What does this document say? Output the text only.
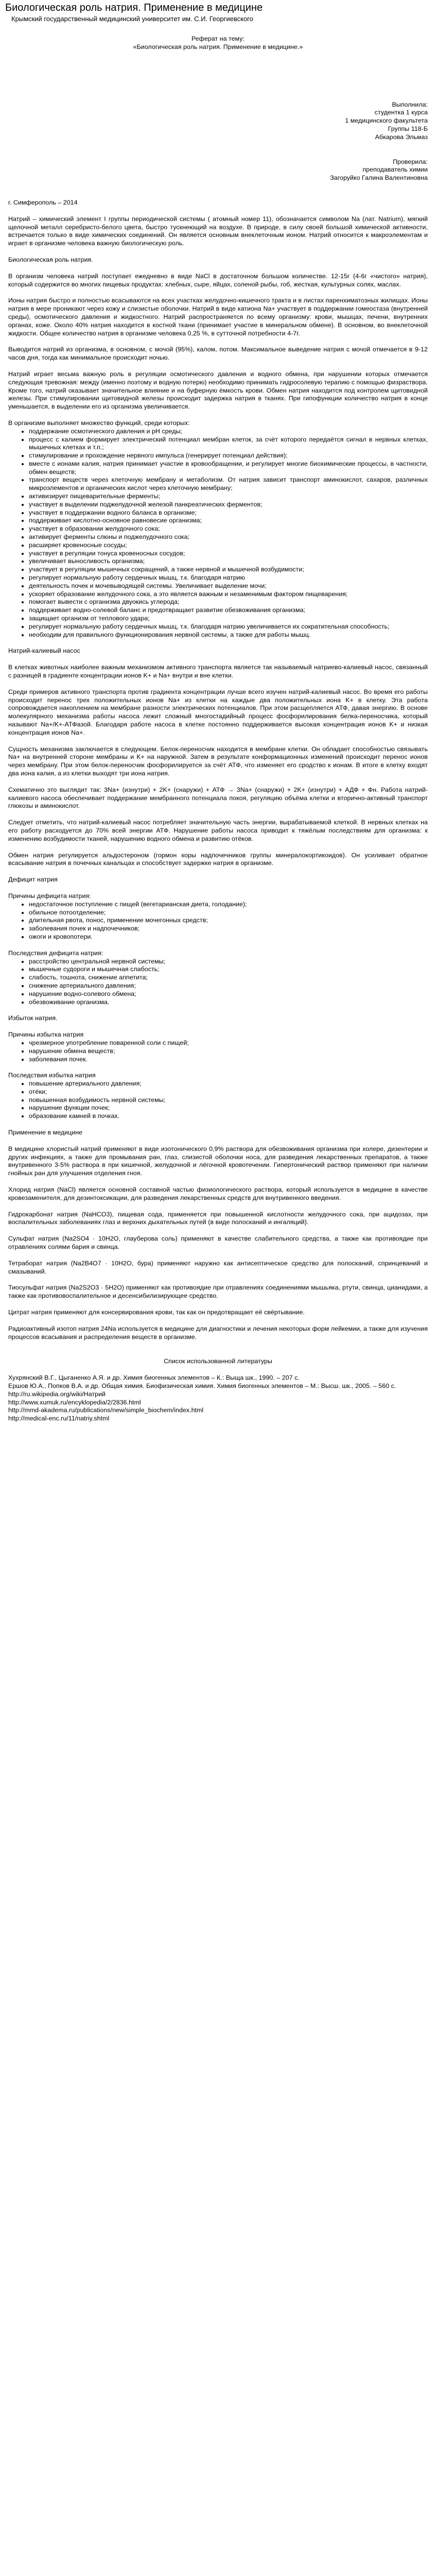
Биологическая роль натрия. Применение в медицине
Крымский государственный медицинский университет им. С.И. Георгиевского
Реферат на тему:
«Биологическая роль натрия. Применение в медицине.»
Выполнила:
студентка 1 курса
1 медицинского факультета
Группы 118-Б
Абкарова Эльмаз
Проверила:
преподаватель химии
Загоруйко Галина Валентиновна
г. Симферополь – 2014

Натрий – химический элемент I группы периодической системы ( атомный номер 11), обозначается символом Na (лат. Natrium), мягкий щелочной металл серебристо-белого цвета, быстро тускнеющий на воздухе. В природе, в силу своей большой химической активности, встречается только в виде химических соединений. Он является основным внеклеточным ионом. Натрий относится к макроэлементам и играет в организме человека важную биологическую роль.

Биологическая роль натрия.

В организм человека натрий поступает ежедневно в виде NaCl в достаточном большом количестве. 12-15г (4-6г «чистого» натрия), который содержится во многих пищевых продуктах: хлебных, сыре, яйцах, соленой рыбы, гоб, жесткая, культурных солях, маслах.

Ионы натрия быстро и полностью всасываются на всех участках желудочно-кишечного тракта и в листах паренхиматозных жилищах. Ионы натрия в мере проникают через кожу и слизистые оболочки. Натрий в виде катиона Na+ участвует в поддержании гомеостаза (внутренней среды), осмотического давления и жидкостного. Натрий распространяется по всему организму: крови, мышцах, печени, внутренних органах, коже. Около 40% натрия находится в костной ткани (принимает участие в минеральном обмене). В основном, во внеклеточной жидкости. Общее количество натрия в организме человека 0,25 %, в сутточной потребности 4-7г.

Выводится натрий из организма, в основном, с мочой (95%), калом, потом. Максимальное выведение натрия с мочой отмечается в 9-12 часов дня, тогда как минимальное происходит ночью.

Натрий играет весьма важную роль в регуляции осмотического давления и водного обмена, при нарушении которых отмечается следующая тревожная: между (именно поэтому и водную потерю) необходимо принимать гидросолевую терапию с помощью физраствора. Кроме того, натрий оказывает значительное влияние и на буферную ёмкость крови. Обмен натрия находится под контролем щитовидной железы. При стимулировании щитовидной железы происходит задержка натрия в тканях. При гипофункции количество натрия в конце уменьшается, в выделении его из организма увеличивается.

В организме выполняет множество функций, среди которых:

• поддержание осмотического давления и pH среды;
• процесс с калием формирует электрический потенциал мембран клеток, за счёт которого передаётся сигнал в нервных клетках, мышечных клетках и т.п.;
• стимулирование и прохождение нервного импульса (генерирует потенциал действия);
• вместе с ионами калия, натрия принимает участие в кровообращении, и регулирует многие биохимические процессы, в частности, обмен веществ;
• транспорт веществ через клеточную мембрану и метаболизм. От натрия зависит транспорт аминокислот, сахаров, различных микроэлементов и органических кислот через клеточную мембрану;
• активизирует пищеварительные ферменты;
• участвует в выделении поджелудочной железой панкреатических ферментов;
• участвует в поддержании водного баланса в организме;
• поддерживает кислотно-основное равновесие организма;
• участвует в образовании желудочного сока;
• активирует ферменты слюны и поджелудочного сока;
• расширяет кровеносные сосуды;
• участвует в регуляции тонуса кровеносных сосудов;
• увеличивает выносливость организма;
• участвует в регуляции мышечных сокращений, а также нервной и мышечной возбудимости;
• регулирует нормальную работу сердечных мышц, т.к. благодаря натрию
• деятельность почек и мочевыводящей системы. Увеличивает выделение мочи;
• ускоряет образование желудочного сока, а это является важным и незаменимым фактором пищеварения;
• помогает вывести с организма двуокись углерода;
• поддерживает водно-солевой баланс и предотвращает развитие обезвоживания организма;
• защищает организм от теплового удара;
• регулирует нормальную работу сердечных мышц, т.к. благодаря натрию увеличивается их сократительная способность;
• необходим для правильного функционирования нервной системы, а также для работы мышц.
Натрий-калиевый насос

В клетках животных наиболее важным механизмом активного транспорта является так называемый натриево-калиевый насос, связанный с разницей в градиенте концентрации ионов K+ и Na+ внутри и вне клетки.

Среди примеров активного транспорта против градиента концентрации лучше всего изучен натрий-калиевый насос. Во время его работы происходит перенос трех положительных ионов Na+ из клетки на каждые два положительных иона K+ в клетку. Эта работа сопровождается накоплением на мембране разности электрических потенциалов. При этом расщепляется АТФ, давая энергию. В основе молекулярного механизма работы насоса лежит сложный многостадийный процесс фосфорилирования белка-переносчика, который называют Na+/K+-АТФазой. Благодаря работе насоса в клетке постоянно поддерживается высокая концентрация ионов K+ и низкая концентрация ионов Na+.

Сущность механизма заключается в следующем. Белок-переносчик находится в мембране клетки. Он обладает способностью связывать Na+ на внутренней стороне мембраны и K+ на наружной. Затем в результате конформационных изменений происходит перенос ионов через мембрану. При этом белок-переносчик фосфорилируется за счёт АТФ, что изменяет его сродство к ионам. В итоге в клетку входят два иона калия, а из клетки выходят три иона натрия.

Схематично это выглядит так: 3Na+ (изнутри) + 2K+ (снаружи) + АТФ → 3Na+ (снаружи) + 2K+ (изнутри) + АДФ + Фн. Работа натрий-калиевого насоса обеспечивает поддержание мембранного потенциала покоя, регуляцию объёма клетки и вторично-активный транспорт глюкозы и аминокислот.

Следует отметить, что натрий-калиевый насос потребляет значительную часть энергии, вырабатываемой клеткой. В нервных клетках на его работу расходуется до 70% всей энергии АТФ. Нарушение работы насоса приводит к тяжёлым последствиям для организма: к изменению возбудимости тканей, нарушению водного обмена и развитию отёков.

Обмен натрия регулируется альдостероном (гормон коры надпочечников группы минералокортикоидов). Он усиливает обратное всасывание натрия в почечных канальцах и способствует задержке натрия в организме.

Дефицит натрия
Причины дефицита натрия:
• недостаточное поступление с пищей (вегетарианская диета, голодание);
• обильное потоотделение;
• длительная рвота, понос, применение мочегонных средств;
• заболевания почек и надпочечников;
• ожоги и кровопотери.
Последствия дефицита натрия:
• расстройство центральной нервной системы;
• мышечные судороги и мышечная слабость;
• слабость, тошнота, снижение аппетита;
• снижение артериального давления;
• нарушение водно-солевого обмена;
• обезвоживание организма.
Избыток натрия.
Причины избытка натрия
• чрезмерное употребление поваренной соли с пищей;
• нарушение обмена веществ;
• заболевания почек.
Последствия избытка натрия
• повышение артериального давления;
• отёки;
• повышенная возбудимость нервной системы;
• нарушение функции почек;
• образование камней в почках.
Применение в медицине

В медицине хлористый натрий применяют в виде изотонического 0,9% раствора для обезвоживания организма при холере, дизентерии и других инфекциях, а также для промывания ран, глаз, слизистой оболочки носа, для разведения лекарственных препаратов, а также внутривенного 3-5% раствора в при кишечной, желудочной и лёгочной кровотечении. Гипертонический раствор применяют при наличии гнойных ран для улучшения отделения гноя.

Хлорид натрия (NaCl) является основной составной частью физиологического раствора, который используется в медицине в качестве кровезаменителя, для дезинтоксикации, для разведения лекарственных средств для внутривенного введения.

Гидрокарбонат натрия (NaHCO3), пищевая сода, применяется при повышенной кислотности желудочного сока, при ацидозах, при воспалительных заболеваниях глаз и верхних дыхательных путей (в виде полосканий и ингаляций).

Сульфат натрия (Na2SO4 · 10H2O, глауберова соль) применяют в качестве слабительного средства, а также как противоядие при отравлениях солями бария и свинца.

Тетраборат натрия (Na2B4O7 · 10H2O, бура) применяют наружно как антисептическое средство для полосканий, спринцеваний и смазываний.

Тиосульфат натрия (Na2S2O3 · 5H2O) применяют как противоядие при отравлениях соединениями мышьяка, ртути, свинца, цианидами, а также как противовоспалительное и десенсибилизирующее средство.

Цитрат натрия применяют для консервирования крови, так как он предотвращает её свёртывание.

Радиоактивный изотоп натрия 24Na используется в медицине для диагностики и лечения некоторых форм лейкемии, а также для изучения процессов всасывания и распределения веществ в организме.

Список использованной литературы

Хухрянский В.Г., Цыганенко А.Я. и др. Химия биогенных элементов – К.: Выща шк., 1990. – 207 с.

Ершов Ю.А., Попков В.А. и др. Общая химия. Биофизическая химия. Химия биогенных элементов – М.: Высш. шк., 2005. – 560 с.

http://ru.wikipedia.org/wiki/Натрий

http://www.xumuk.ru/encyklopedia/2/2836.html

http://mmd-akadema.ru/publications/new/simple_biochem/index.html

http://medical-enc.ru/11/natriy.shtml
